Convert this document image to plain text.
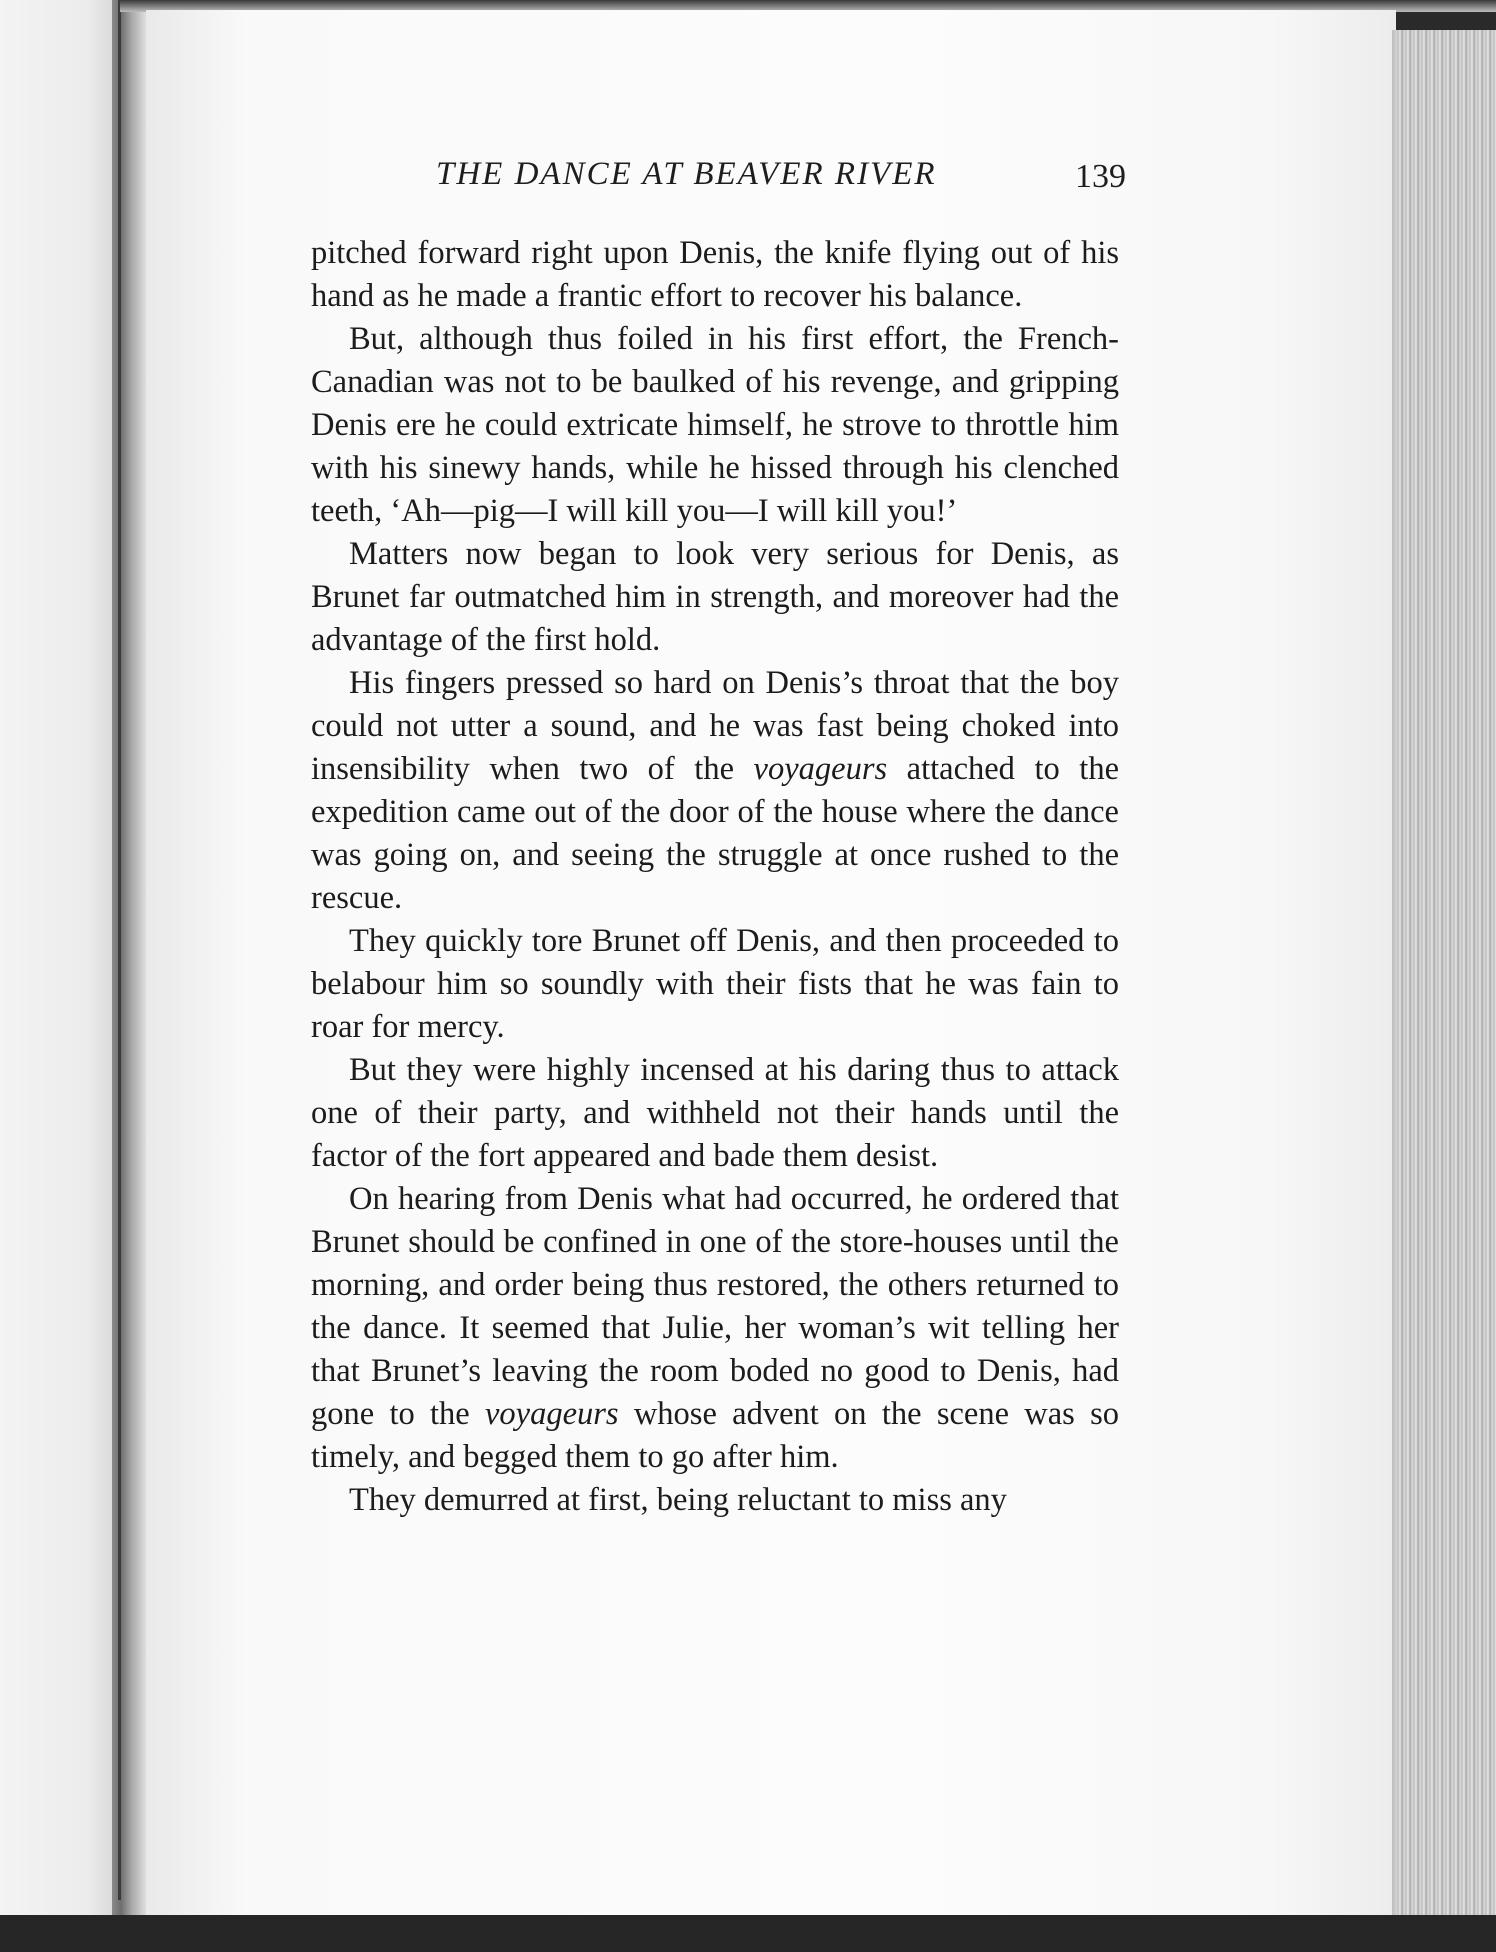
THE DANCE AT BEAVER RIVER	139

pitched forward right upon Denis, the knife flying out of his hand as he made a frantic effort to recover his balance.

But, although thus foiled in his first effort, the French-Canadian was not to be baulked of his revenge, and gripping Denis ere he could extricate himself, he strove to throttle him with his sinewy hands, while he hissed through his clenched teeth, ‘Ah—pig—I will kill you—I will kill you!’

Matters now began to look very serious for Denis, as Brunet far outmatched him in strength, and moreover had the advantage of the first hold.

His fingers pressed so hard on Denis’s throat that the boy could not utter a sound, and he was fast being choked into insensibility when two of the voyageurs attached to the expedition came out of the door of the house where the dance was going on, and seeing the struggle at once rushed to the rescue.

They quickly tore Brunet off Denis, and then proceeded to belabour him so soundly with their fists that he was fain to roar for mercy.

But they were highly incensed at his daring thus to attack one of their party, and withheld not their hands until the factor of the fort appeared and bade them desist.

On hearing from Denis what had occurred, he ordered that Brunet should be confined in one of the store-houses until the morning, and order being thus restored, the others returned to the dance. It seemed that Julie, her woman’s wit telling her that Brunet’s leaving the room boded no good to Denis, had gone to the voyageurs whose advent on the scene was so timely, and begged them to go after him.

They demurred at first, being reluctant to miss any
